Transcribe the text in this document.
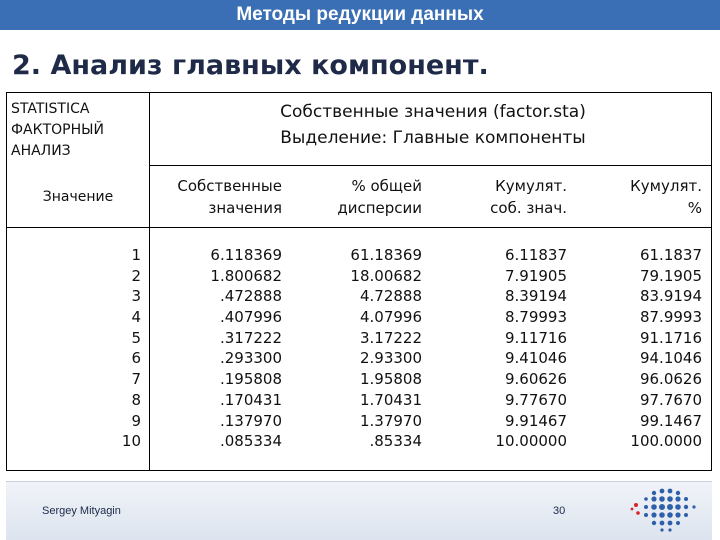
Методы редукции данных
2. Анализ главных компонент.
STATISTICA
ФАКТОРНЫЙ
АНАЛИЗ
Собственные значения (factor.sta)
Выделение: Главные компоненты
Значение
Собственные
значения
% общей
дисперсии
Кумулят.
соб. знач.
Кумулят.
%
1
2
3
4
5
6
7
8
9
10
6.118369
1.800682
.472888
.407996
.317222
.293300
.195808
.170431
.137970
.085334
61.18369
18.00682
4.72888
4.07996
3.17222
2.93300
1.95808
1.70431
1.37970
.85334
6.11837
7.91905
8.39194
8.79993
9.11716
9.41046
9.60626
9.77670
9.91467
10.00000
61.1837
79.1905
83.9194
87.9993
91.1716
94.1046
96.0626
97.7670
99.1467
100.0000
Sergey Mityagin	30
